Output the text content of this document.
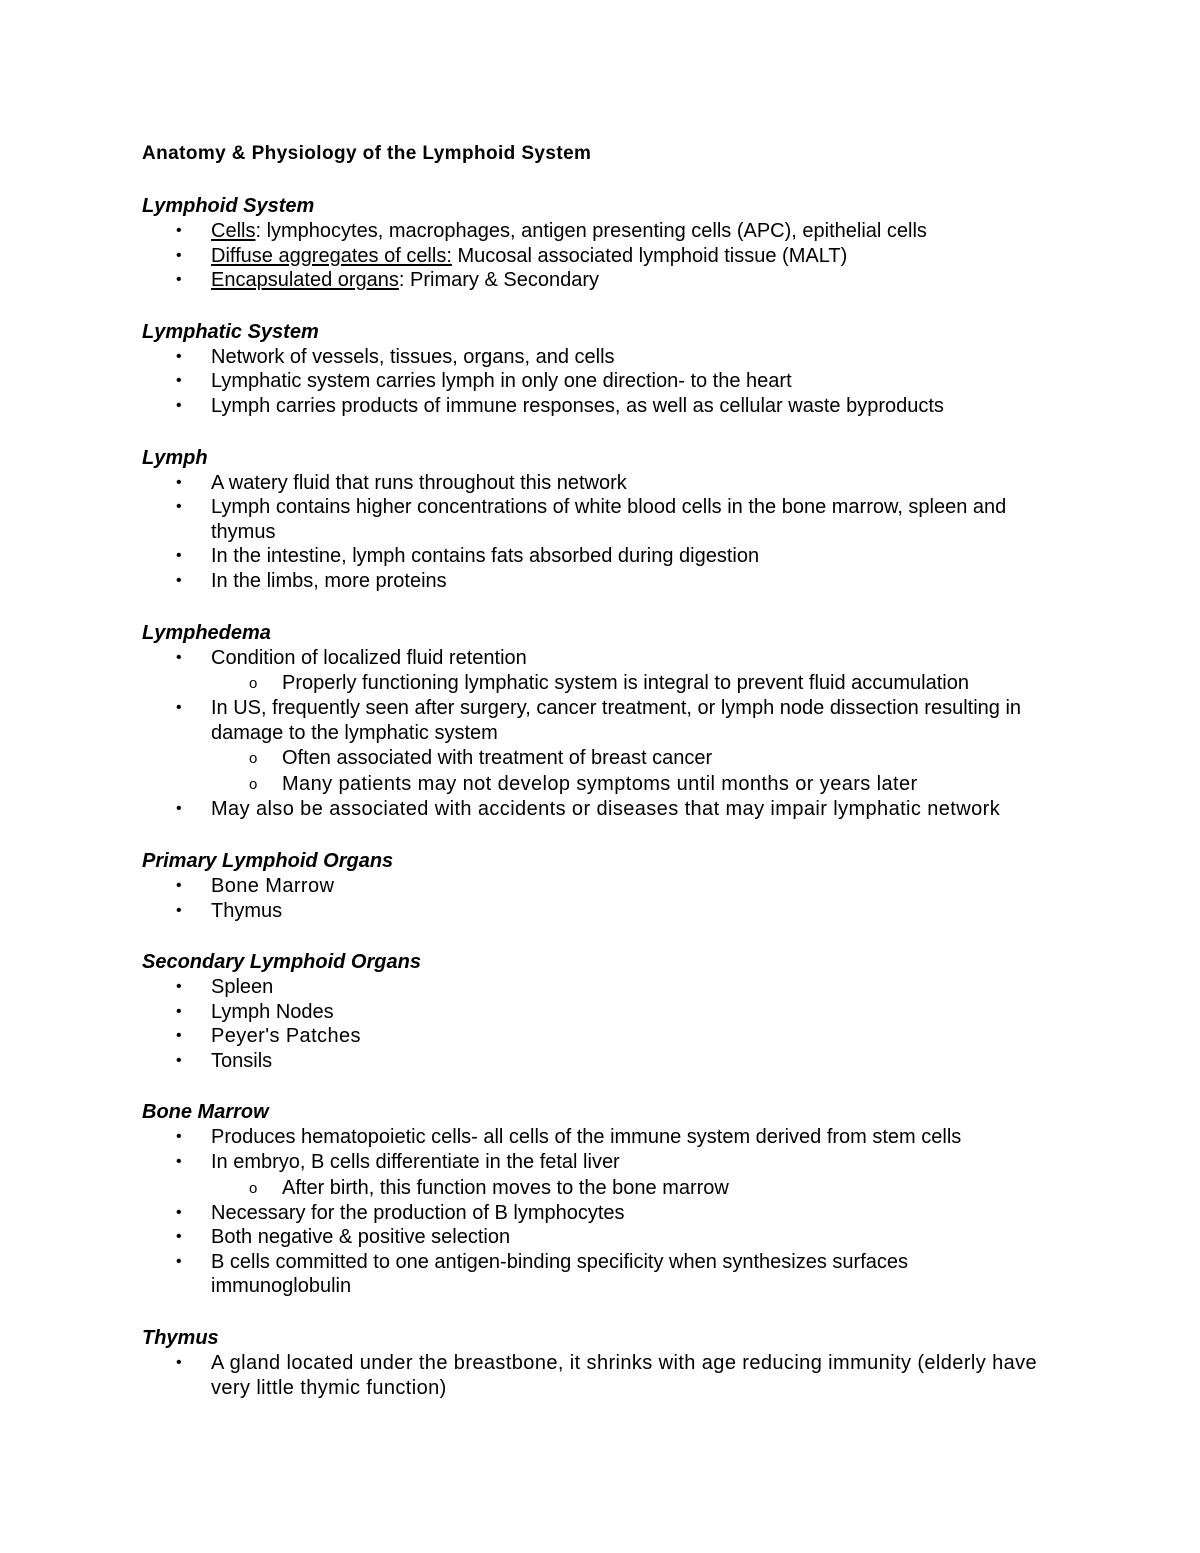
Anatomy & Physiology of the Lymphoid System
Lymphoid System
• Cells: lymphocytes, macrophages, antigen presenting cells (APC), epithelial cells
• Diffuse aggregates of cells: Mucosal associated lymphoid tissue (MALT)
• Encapsulated organs: Primary & Secondary
Lymphatic System
• Network of vessels, tissues, organs, and cells
• Lymphatic system carries lymph in only one direction- to the heart
• Lymph carries products of immune responses, as well as cellular waste byproducts
Lymph
• A watery fluid that runs throughout this network
• Lymph contains higher concentrations of white blood cells in the bone marrow, spleen and thymus
• In the intestine, lymph contains fats absorbed during digestion
• In the limbs, more proteins
Lymphedema
• Condition of localized fluid retention
o Properly functioning lymphatic system is integral to prevent fluid accumulation
• In US, frequently seen after surgery, cancer treatment, or lymph node dissection resulting in damage to the lymphatic system
o Often associated with treatment of breast cancer
o Many patients may not develop symptoms until months or years later
• May also be associated with accidents or diseases that may impair lymphatic network
Primary Lymphoid Organs
• Bone Marrow
• Thymus
Secondary Lymphoid Organs
• Spleen
• Lymph Nodes
• Peyer's Patches
• Tonsils
Bone Marrow
• Produces hematopoietic cells- all cells of the immune system derived from stem cells
• In embryo, B cells differentiate in the fetal liver
o After birth, this function moves to the bone marrow
• Necessary for the production of B lymphocytes
• Both negative & positive selection
• B cells committed to one antigen-binding specificity when synthesizes surfaces immunoglobulin
Thymus
• A gland located under the breastbone, it shrinks with age reducing immunity (elderly have very little thymic function)
